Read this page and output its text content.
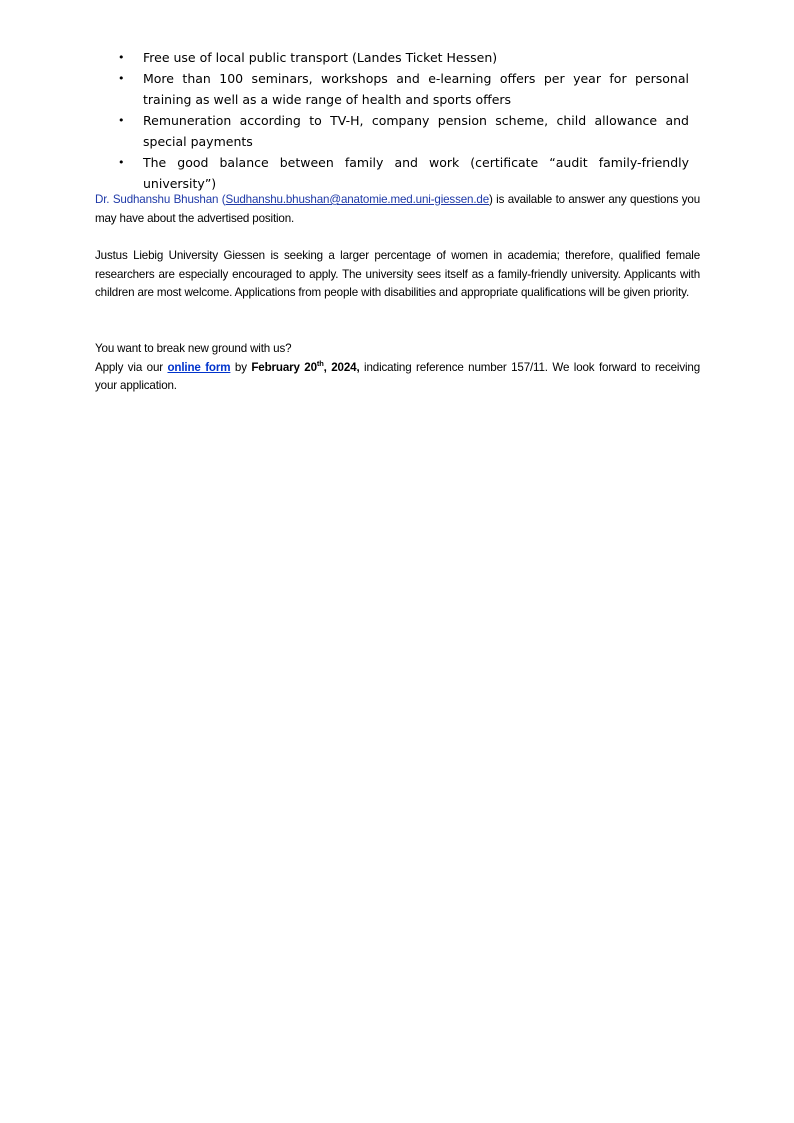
• Free use of local public transport (Landes Ticket Hessen)
• More than 100 seminars, workshops and e-learning offers per year for personal training as well as a wide range of health and sports offers
• Remuneration according to TV-H, company pension scheme, child allowance and special payments
• The good balance between family and work (certificate “audit family-friendly university”)

Dr. Sudhanshu Bhushan (Sudhanshu.bhushan@anatomie.med.uni-giessen.de) is available to answer any questions you may have about the advertised position.

Justus Liebig University Giessen is seeking a larger percentage of women in academia; therefore, qualified female researchers are especially encouraged to apply. The university sees itself as a family-friendly university. Applicants with children are most welcome. Applications from people with disabilities and appropriate qualifications will be given priority.

You want to break new ground with us?
Apply via our online form by February 20th, 2024, indicating reference number 157/11. We look forward to receiving your application.
